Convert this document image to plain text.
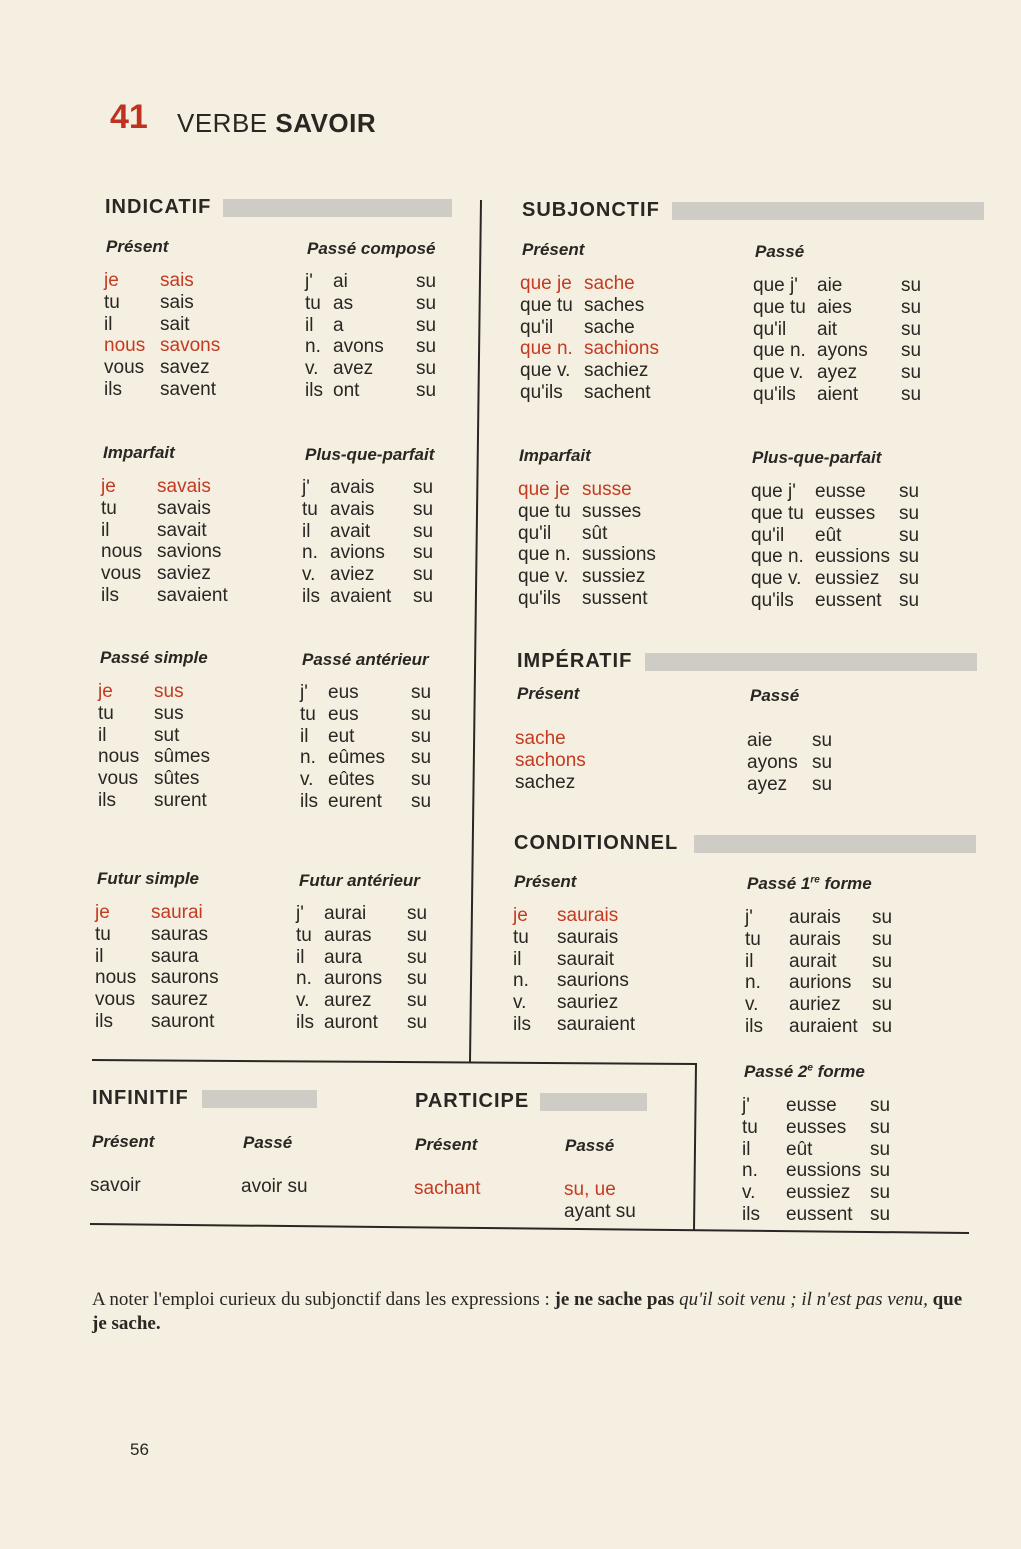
41 VERBE SAVOIR
INDICATIF	SUBJONCTIF
IMPÉRATIF
CONDITIONNEL
INFINITIF	PARTICIPE
Présent	Passé composé
je sais
tu sais
il	sait
nous savons
vous savez
ils savent
j' ai	su
tu as	su
il a	su
n. avons su
v. avez su
ils ont	su
Imparfait	Plus-que-parfait
je savais
tu savais
il	savait
nous savions
vous saviez
ils savaient
j' avais su
tu avais su
il avait su
n. avions su
v. aviez su
ils avaient su
Passé simple	Passé antérieur
je sus
tu sus
il	sut
nous sûmes
vous sûtes
ils surent
j' eus	su
tu eus	su
il eut	su
n. eûmes su
v. eûtes su
ils eurent su
Futur simple	Futur antérieur
je saurai
tu sauras
il	saura
nous saurons
vous saurez
ils sauront
j' aurai su
tu auras su
il aura su
n. aurons su
v. aurez su
ils auront su
Présent	Passé
que je sache
que tu saches
qu'il sache
que n. sachions
que v. sachiez
qu'ils sachent
que j' aie	su
que tu aies	su
qu'il ait	su
que n. ayons su
que v. ayez su
qu'ils aient su
Imparfait	Plus-que-parfait
que je susse
que tu susses
qu'il sût
que n. sussions
que v. sussiez
qu'ils sussent
que j' eusse su
que tu eusses su
qu'il eût	su
que n. eussions su
que v. eussiez su
qu'ils eussent su
Présent	Passé
sache
sachons
sachez
aie su
ayons su
ayez su
Présent	Passé 1re forme
je saurais
tu saurais
il saurait
n. saurions
v. sauriez
ils sauraient
j' aurais su
tu aurais su
il aurait su
n. aurions su
v. auriez su
ils auraient su
Passé 2e forme
j' eusse su
tu eusses su
il eût	su
n. eussions su
v. eussiez su
ils eussent su
Présent	Passé
savoir	avoir su
Présent	Passé
sachant	su, ue
ayant su
A noter l'emploi curieux du subjonctif dans les expressions : je ne sache pas qu'il soit venu ; il n'est pas venu, que je sache.
56
